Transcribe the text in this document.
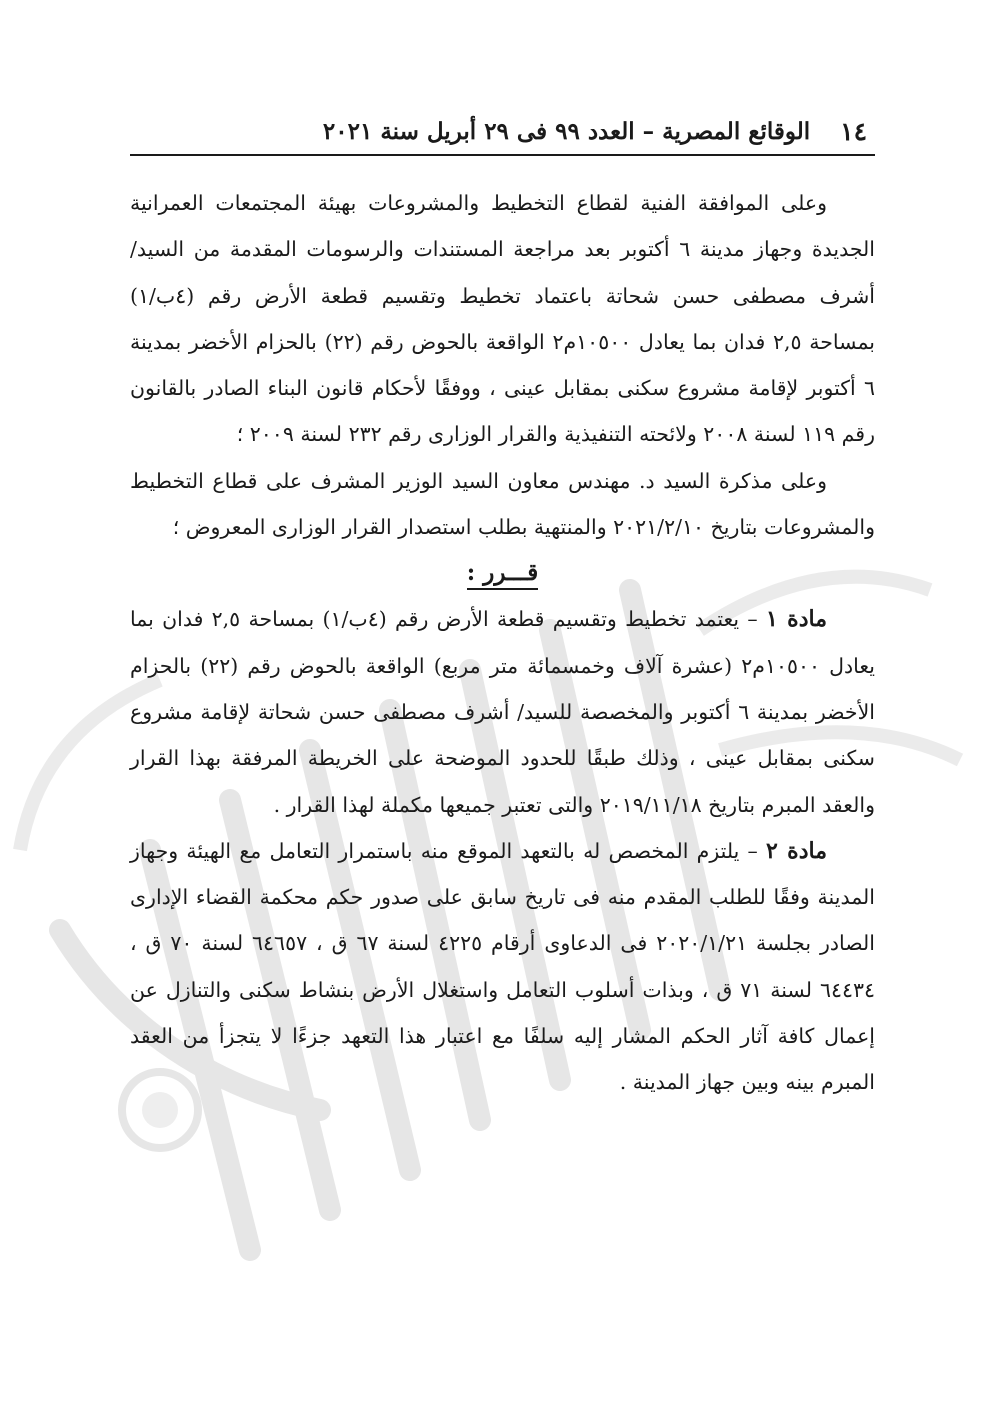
١٤
الوقائع المصرية – العدد ٩٩ فى ٢٩ أبريل سنة ٢٠٢١

وعلى الموافقة الفنية لقطاع التخطيط والمشروعات بهيئة المجتمعات العمرانية الجديدة وجهاز مدينة ٦ أكتوبر بعد مراجعة المستندات والرسومات المقدمة من السيد/ أشرف مصطفى حسن شحاتة باعتماد تخطيط وتقسيم قطعة الأرض رقم (٤ب/١) بمساحة ٢,٥ فدان بما يعادل ١٠٥٠٠م٢ الواقعة بالحوض رقم (٢٢) بالحزام الأخضر بمدينة ٦ أكتوبر لإقامة مشروع سكنى بمقابل عينى ، ووفقًا لأحكام قانون البناء الصادر بالقانون رقم ١١٩ لسنة ٢٠٠٨ ولائحته التنفيذية والقرار الوزارى رقم ٢٣٢ لسنة ٢٠٠٩ ؛

وعلى مذكرة السيد د. مهندس معاون السيد الوزير المشرف على قطاع التخطيط والمشروعات بتاريخ ٢٠٢١/٢/١٠ والمنتهية بطلب استصدار القرار الوزارى المعروض ؛

قـــرر :

مادة ١ – يعتمد تخطيط وتقسيم قطعة الأرض رقم (٤ب/١) بمساحة ٢,٥ فدان بما يعادل ١٠٥٠٠م٢ (عشرة آلاف وخمسمائة متر مربع) الواقعة بالحوض رقم (٢٢) بالحزام الأخضر بمدينة ٦ أكتوبر والمخصصة للسيد/ أشرف مصطفى حسن شحاتة لإقامة مشروع سكنى بمقابل عينى ، وذلك طبقًا للحدود الموضحة على الخريطة المرفقة بهذا القرار والعقد المبرم بتاريخ ٢٠١٩/١١/١٨ والتى تعتبر جميعها مكملة لهذا القرار .

مادة ٢ – يلتزم المخصص له بالتعهد الموقع منه باستمرار التعامل مع الهيئة وجهاز المدينة وفقًا للطلب المقدم منه فى تاريخ سابق على صدور حكم محكمة القضاء الإدارى الصادر بجلسة ٢٠٢٠/١/٢١ فى الدعاوى أرقام ٤٢٢٥ لسنة ٦٧ ق ، ٦٤٦٥٧ لسنة ٧٠ ق ، ٦٤٤٣٤ لسنة ٧١ ق ، وبذات أسلوب التعامل واستغلال الأرض بنشاط سكنى والتنازل عن إعمال كافة آثار الحكم المشار إليه سلفًا مع اعتبار هذا التعهد جزءًا لا يتجزأ من العقد المبرم بينه وبين جهاز المدينة .
